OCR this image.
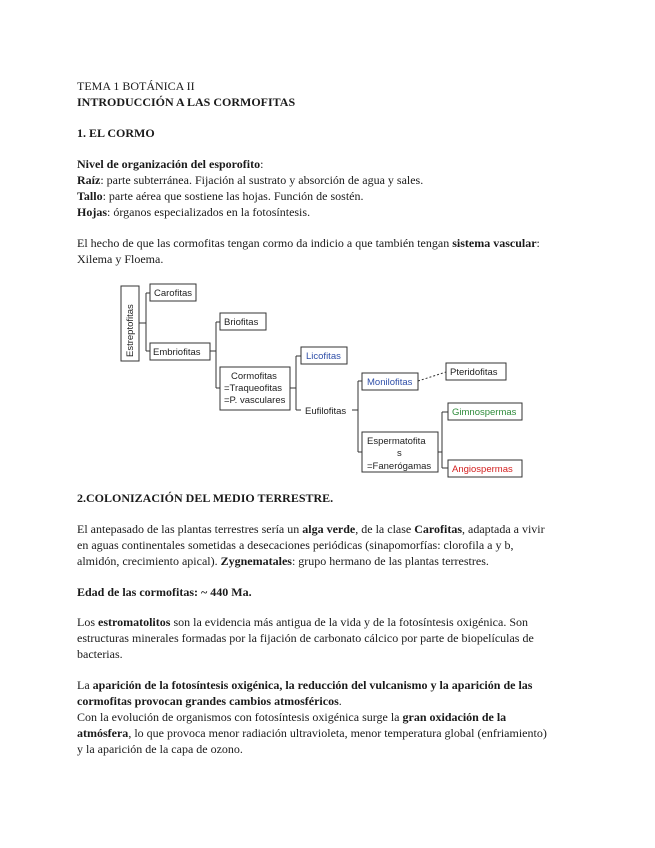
TEMA 1 BOTÁNICA II
INTRODUCCIÓN A LAS CORMOFITAS
1. EL CORMO
Nivel de organización del esporofito:
Raíz: parte subterránea. Fijación al sustrato y absorción de agua y sales.
Tallo: parte aérea que sostiene las hojas. Función de sostén.
Hojas: órganos especializados en la fotosíntesis.
El hecho de que las cormofitas tengan cormo da indicio a que también tengan sistema vascular:
Xilema y Floema.
Estreptofitas
Carofitas
Embriofitas
Briofitas
Cormofitas
=Traqueofitas
=P. vasculares
Licofitas
Eufilofitas
Monilofitas
Pteridofitas
Espermatofita
s
=Fanerógamas
Gimnospermas
Angiospermas
2.COLONIZACIÓN DEL MEDIO TERRESTRE.
El antepasado de las plantas terrestres sería un alga verde, de la clase Carofitas, adaptada a vivir
en aguas continentales sometidas a desecaciones periódicas (sinapomorfías: clorofila a y b,
almidón, crecimiento apical). Zygnematales: grupo hermano de las plantas terrestres.
Edad de las cormofitas: ~ 440 Ma.
Los estromatolitos son la evidencia más antigua de la vida y de la fotosíntesis oxigénica. Son
estructuras minerales formadas por la fijación de carbonato cálcico por parte de biopelículas de
bacterias.
La aparición de la fotosíntesis oxigénica, la reducción del vulcanismo y la aparición de las
cormofitas provocan grandes cambios atmosféricos.
Con la evolución de organismos con fotosíntesis oxigénica surge la gran oxidación de la
atmósfera, lo que provoca menor radiación ultravioleta, menor temperatura global (enfriamiento)
y la aparición de la capa de ozono.
